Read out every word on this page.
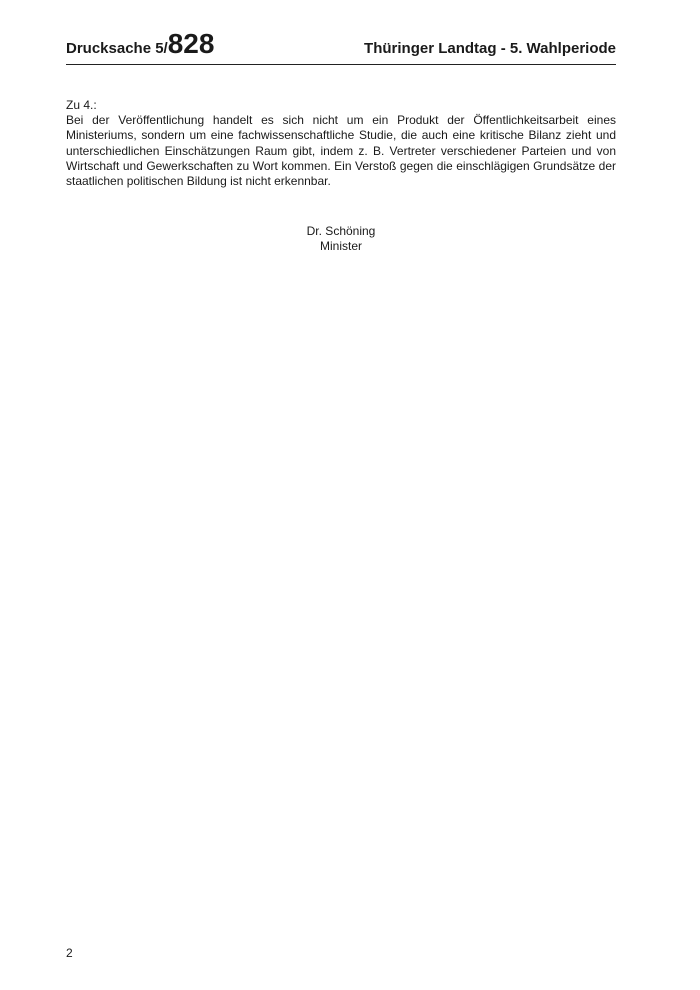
Drucksache 5/828	Thüringer Landtag - 5. Wahlperiode

Zu 4.:

Bei der Veröffentlichung handelt es sich nicht um ein Produkt der Öffentlichkeitsarbeit eines Ministeriums, sondern um eine fachwissenschaftliche Studie, die auch eine kritische Bilanz zieht und unterschiedlichen Einschätzungen Raum gibt, indem z. B. Vertreter verschiedener Parteien und von Wirtschaft und Gewerkschaften zu Wort kommen. Ein Verstoß gegen die einschlägigen Grundsätze der staatlichen politischen Bildung ist nicht erkennbar.

Dr. Schöning
Minister
2
